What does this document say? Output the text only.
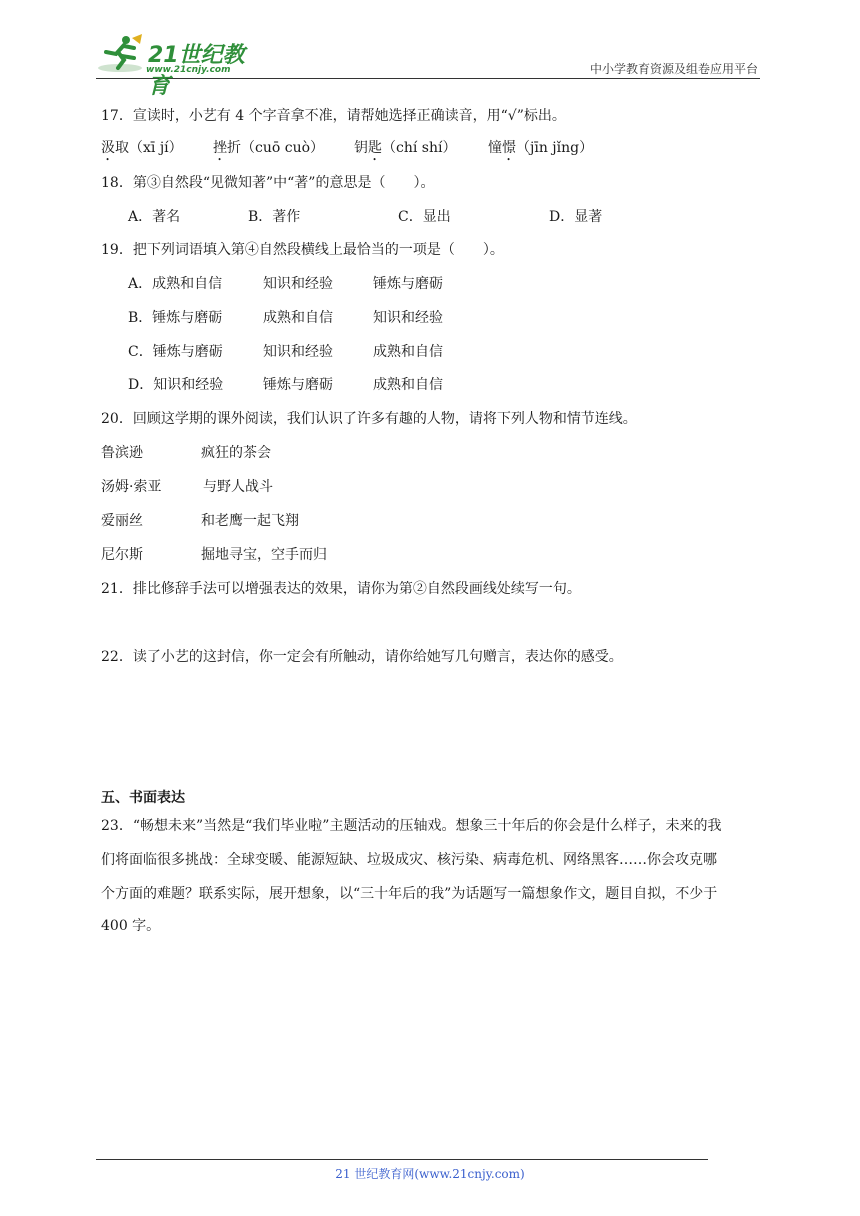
21世纪教育
www.21cnjy.com	中小学教育资源及组卷应用平台
17．宣读时，小艺有 4 个字音拿不准，请帮她选择正确读音，用“√”标出。
汲取（xī jí） 挫折（cuō cuò） 钥匙（chí shí） 憧憬（jīn jǐng）
18．第③自然段“见微知著”中“著”的意思是（　　）。
A．著名	B．著作	C．显出	D．显著
19．把下列词语填入第④自然段横线上最恰当的一项是（　　）。
A．成熟和自信	知识和经验	锤炼与磨砺
B．锤炼与磨砺	成熟和自信	知识和经验
C．锤炼与磨砺	知识和经验	成熟和自信
D．知识和经验	锤炼与磨砺	成熟和自信
20．回顾这学期的课外阅读，我们认识了许多有趣的人物，请将下列人物和情节连线。
鲁滨逊	疯狂的茶会
汤姆·索亚	与野人战斗
爱丽丝	和老鹰一起飞翔
尼尔斯	掘地寻宝，空手而归
21．排比修辞手法可以增强表达的效果，请你为第②自然段画线处续写一句。
22．读了小艺的这封信，你一定会有所触动，请你给她写几句赠言，表达你的感受。
五、书面表达
23．“畅想未来”当然是“我们毕业啦”主题活动的压轴戏。想象三十年后的你会是什么样子，未来的我
们将面临很多挑战：全球变暖、能源短缺、垃圾成灾、核污染、病毒危机、网络黑客……你会攻克哪
个方面的难题？联系实际，展开想象，以“三十年后的我”为话题写一篇想象作文，题目自拟，不少于
400 字。
21 世纪教育网(www.21cnjy.com)
